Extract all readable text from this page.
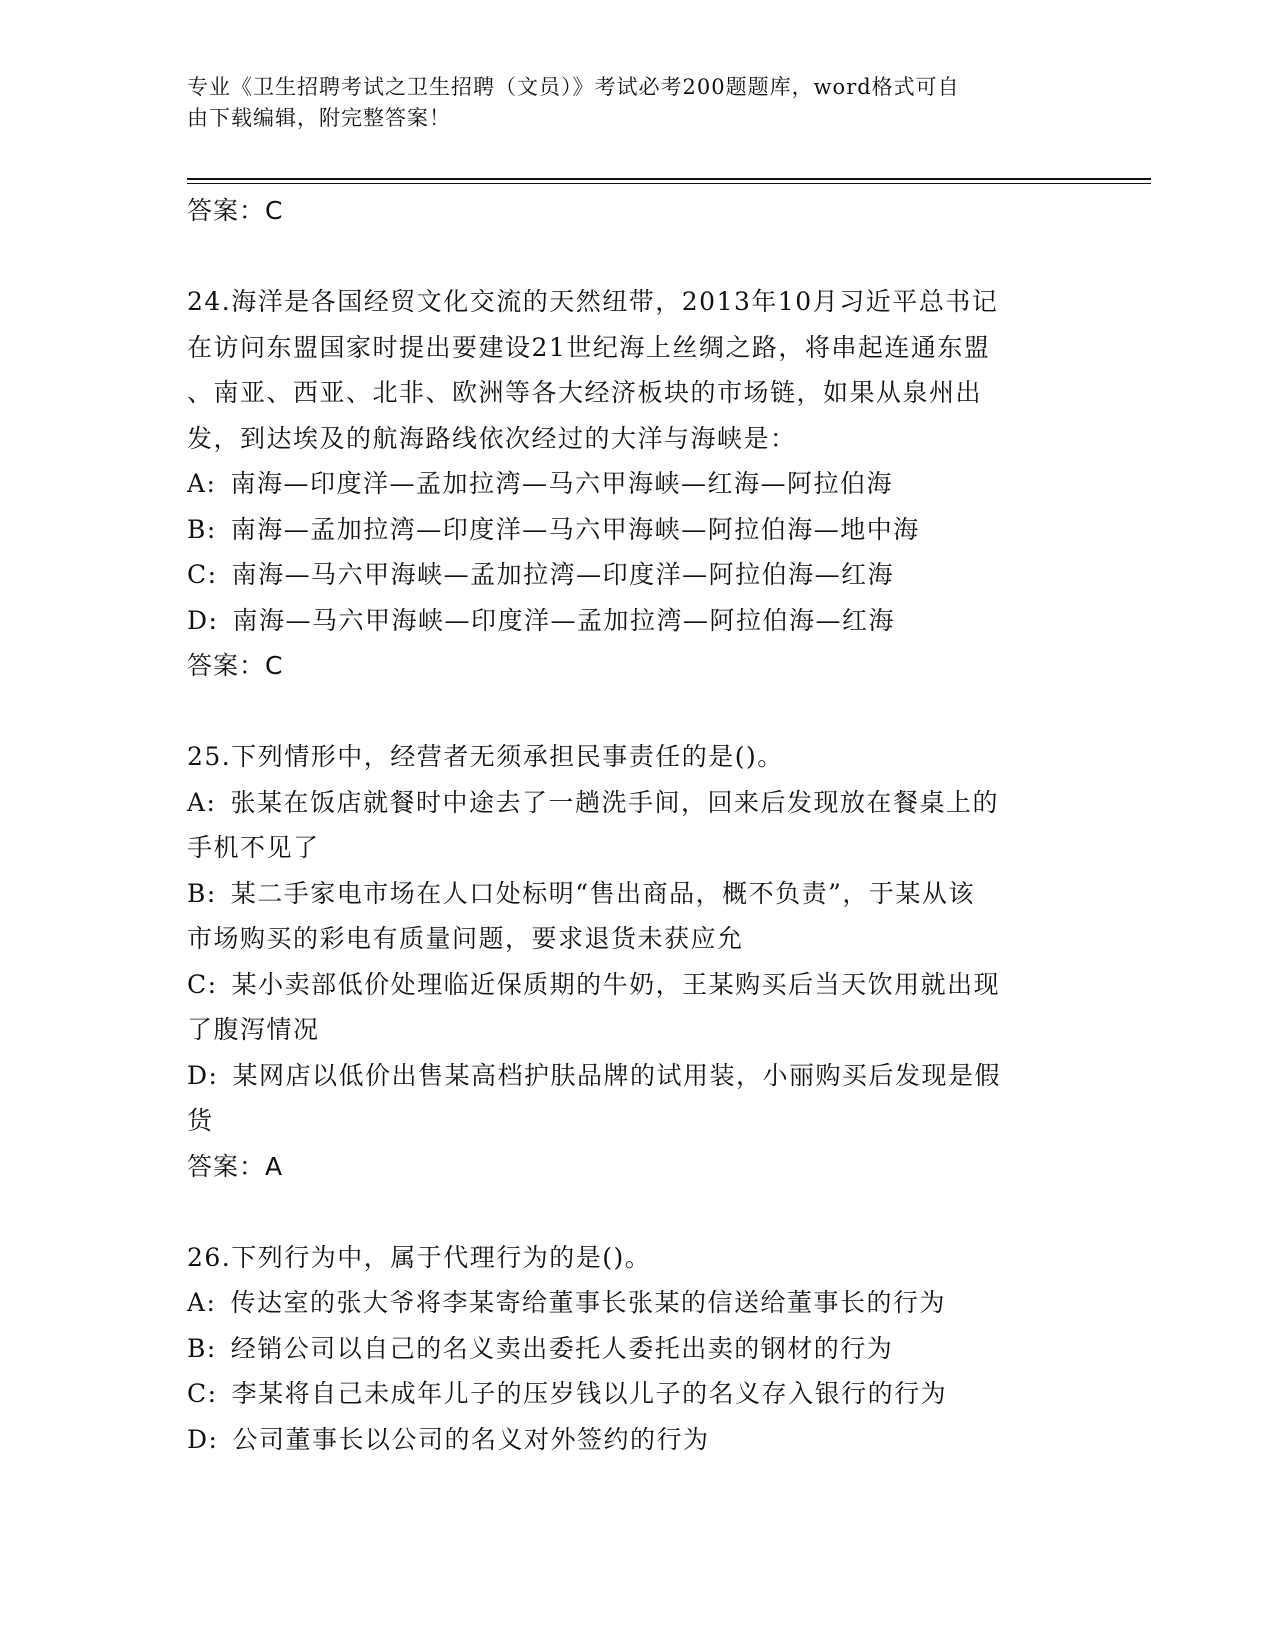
专业《卫生招聘考试之卫生招聘（文员）》考试必考200题题库，word格式可自
由下载编辑，附完整答案！
答案：C
24.海洋是各国经贸文化交流的天然纽带，2013年10月习近平总书记
在访问东盟国家时提出要建设21世纪海上丝绸之路，将串起连通东盟
、南亚、西亚、北非、欧洲等各大经济板块的市场链，如果从泉州出
发，到达埃及的航海路线依次经过的大洋与海峡是：
A: 南海—印度洋—孟加拉湾—马六甲海峡—红海—阿拉伯海
B: 南海—孟加拉湾—印度洋—马六甲海峡—阿拉伯海—地中海
C: 南海—马六甲海峡—孟加拉湾—印度洋—阿拉伯海—红海
D: 南海—马六甲海峡—印度洋—孟加拉湾—阿拉伯海—红海
答案：C
25.下列情形中，经营者无须承担民事责任的是()。
A: 张某在饭店就餐时中途去了一趟洗手间，回来后发现放在餐桌上的
手机不见了
B: 某二手家电市场在人口处标明“售出商品，概不负责”，于某从该
市场购买的彩电有质量问题，要求退货未获应允
C: 某小卖部低价处理临近保质期的牛奶，王某购买后当天饮用就出现
了腹泻情况
D: 某网店以低价出售某高档护肤品牌的试用装，小丽购买后发现是假
货
答案：A
26.下列行为中，属于代理行为的是()。
A: 传达室的张大爷将李某寄给董事长张某的信送给董事长的行为
B: 经销公司以自己的名义卖出委托人委托出卖的钢材的行为
C: 李某将自己未成年儿子的压岁钱以儿子的名义存入银行的行为
D: 公司董事长以公司的名义对外签约的行为
